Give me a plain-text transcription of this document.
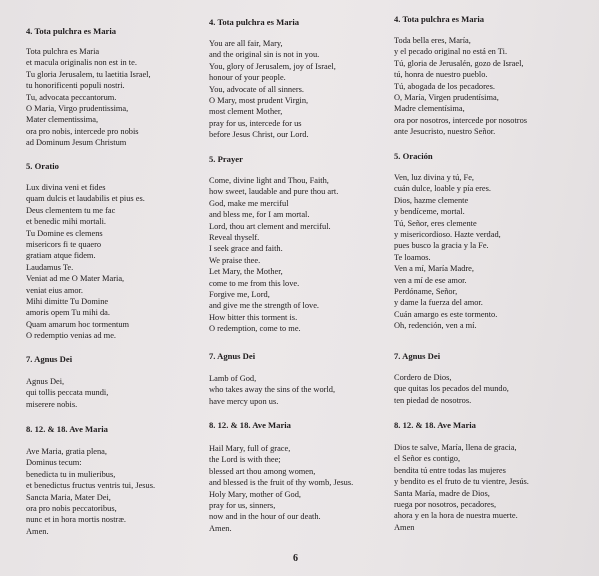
4. Tota pulchra es Maria
Tota pulchra es Maria
et macula originalis non est in te.
Tu gloria Jerusalem, tu laetitia Israel,
tu honorificenti populi nostri.
Tu, advocata peccantorum.
O Maria, Virgo prudentissima,
Mater clementissima,
ora pro nobis, intercede pro nobis
ad Dominum Jesum Christum
5. Oratio
Lux divina veni et fides
quam dulcis et laudabilis et pius es.
Deus clementem tu me fac
et benedic mihi mortali.
Tu Domine es clemens
misericors fi te quaero
gratiam atque fidem.
Laudamus Te.
Veniat ad me O Mater Maria,
veniat eius amor.
Mihi dimitte Tu Domine
amoris opem Tu mihi da.
Quam amarum hoc tormentum
O redemptio venias ad me.
7. Agnus Dei
Agnus Dei,
qui tollis peccata mundi,
miserere nobis.
8. 12. & 18. Ave Maria
Ave Maria, gratia plena,
Dominus tecum:
benedicta tu in mulieribus,
et benedictus fructus ventris tui, Jesus.
Sancta Maria, Mater Dei,
ora pro nobis peccatoribus,
nunc et in hora mortis nostræ.
Amen.
4. Tota pulchra es Maria
You are all fair, Mary,
and the original sin is not in you.
You, glory of Jerusalem, joy of Israel,
honour of your people.
You, advocate of all sinners.
O Mary, most prudent Virgin,
most clement Mother,
pray for us, intercede for us
before Jesus Christ, our Lord.
5. Prayer
Come, divine light and Thou, Faith,
how sweet, laudable and pure thou art.
God, make me merciful
and bless me, for I am mortal.
Lord, thou art clement and merciful.
Reveal thyself.
I seek grace and faith.
We praise thee.
Let Mary, the Mother,
come to me from this love.
Forgive me, Lord,
and give me the strength of love.
How bitter this torment is.
O redemption, come to me.
7. Agnus Dei
Lamb of God,
who takes away the sins of the world,
have mercy upon us.
8. 12. & 18. Ave Maria
Hail Mary, full of grace,
the Lord is with thee;
blessed art thou among women,
and blessed is the fruit of thy womb, Jesus.
Holy Mary, mother of God,
pray for us, sinners,
now and in the hour of our death.
Amen.
4. Tota pulchra es Maria
Toda bella eres, María,
y el pecado original no está en Ti.
Tú, gloria de Jerusalén, gozo de Israel,
tú, honra de nuestro pueblo.
Tú, abogada de los pecadores.
O, María, Virgen prudentísima,
Madre clementísima,
ora por nosotros, intercede por nosotros
ante Jesucristo, nuestro Señor.
5. Oración
Ven, luz divina y tú, Fe,
cuán dulce, loable y pía eres.
Dios, hazme clemente
y bendíceme, mortal.
Tú, Señor, eres clemente
y misericordioso. Hazte verdad,
pues busco la gracia y la Fe.
Te loamos.
Ven a mí, María Madre,
ven a mí de ese amor.
Perdóname, Señor,
y dame la fuerza del amor.
Cuán amargo es este tormento.
Oh, redención, ven a mí.
7. Agnus Dei
Cordero de Dios,
que quitas los pecados del mundo,
ten piedad de nosotros.
8. 12. & 18. Ave Maria
Dios te salve, María, llena de gracia,
el Señor es contigo,
bendita tú entre todas las mujeres
y bendito es el fruto de tu vientre, Jesús.
Santa María, madre de Dios,
ruega por nosotros, pecadores,
ahora y en la hora de nuestra muerte.
Amen
6
